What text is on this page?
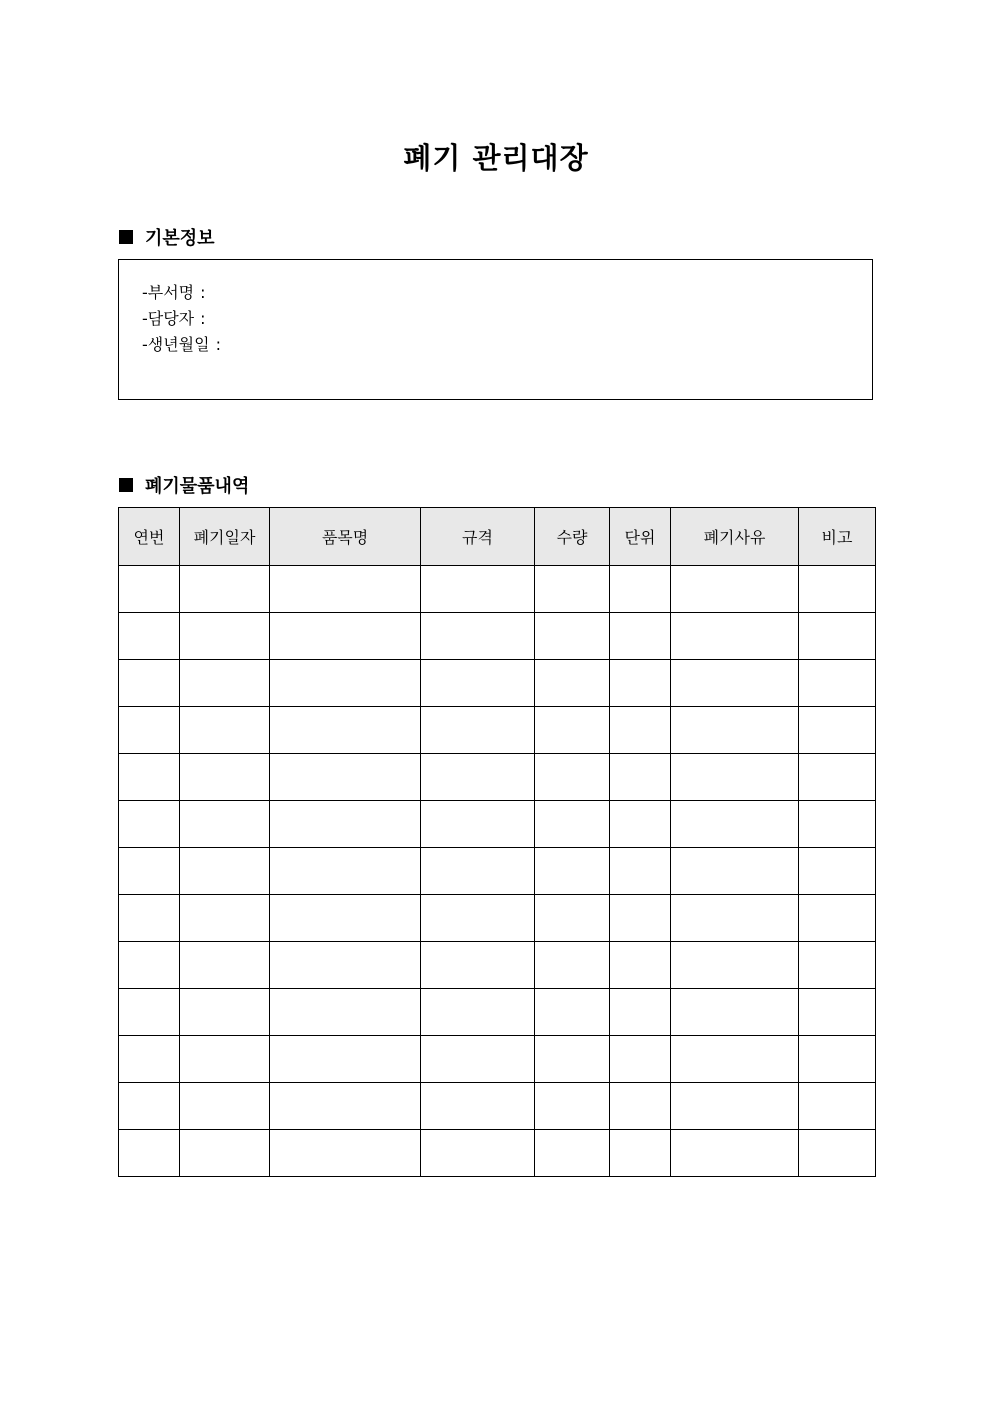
폐기 관리대장
기본정보
-부서명 :
-담당자 :
-생년월일 :
폐기물품내역
연번	폐기일자	품목명	규격	수량	단위	폐기사유	비고
